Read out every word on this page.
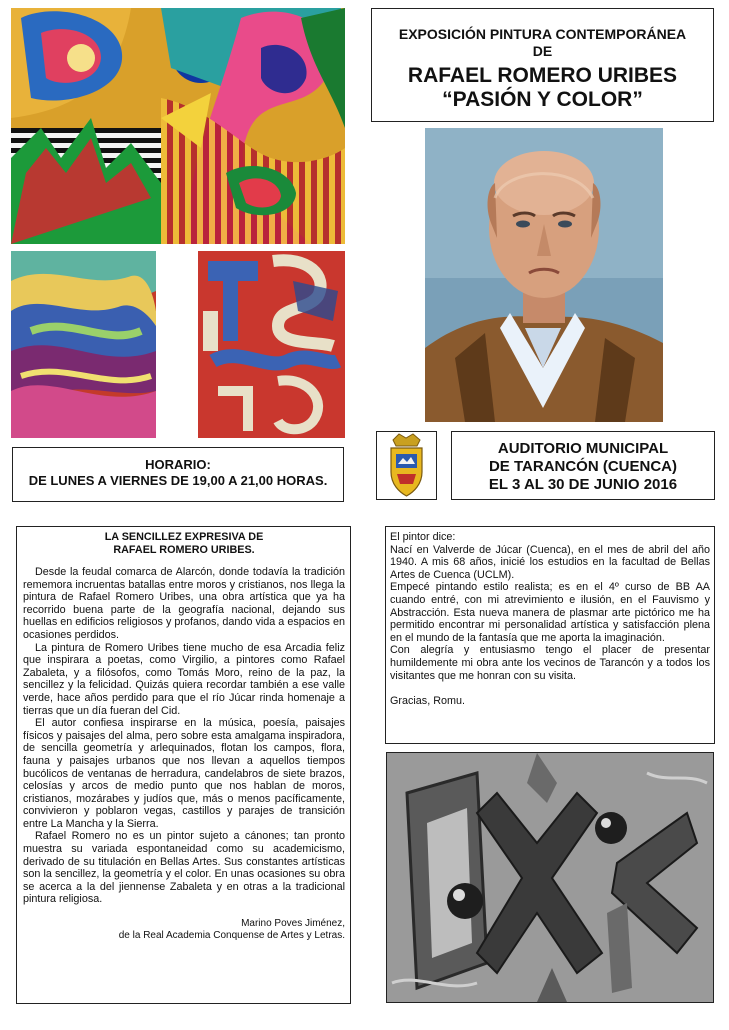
EXPOSICIÓN PINTURA CONTEMPORÁNEA
DE
RAFAEL ROMERO URIBES
“PASIÓN Y COLOR”
AUDITORIO MUNICIPAL
DE TARANCÓN (CUENCA)
EL 3 AL 30 DE JUNIO 2016
HORARIO:
DE LUNES A VIERNES DE 19,00 A 21,00 HORAS.
LA SENCILLEZ EXPRESIVA DE
RAFAEL ROMERO URIBES.

Desde la feudal comarca de Alarcón, donde todavía la tradición rememora incruentas batallas entre moros y cristianos, nos llega la pintura de Rafael Romero Uribes, una obra artística que ya ha recorrido buena parte de la geografía nacional, dejando sus huellas en edificios religiosos y profanos, dando vida a espacios en ocasiones perdidos.

La pintura de Romero Uribes tiene mucho de esa Arcadia feliz que inspirara a poetas, como Virgilio, a pintores como Rafael Zabaleta, y a filósofos, como Tomás Moro, reino de la paz, la sencillez y la felicidad. Quizás quiera recordar también a ese valle verde, hace años perdido para que el río Júcar rinda homenaje a tierras que un día fueran del Cid.

El autor confiesa inspirarse en la música, poesía, paisajes físicos y paisajes del alma, pero sobre esta amalgama inspiradora, de sencilla geometría y arlequinados, flotan los campos, flora, fauna y paisajes urbanos que nos llevan a aquellos tiempos bucólicos de ventanas de herradura, candelabros de siete brazos, celosías y arcos de medio punto que nos hablan de moros, cristianos, mozárabes y judíos que, más o menos pacíficamente, convivieron y poblaron vegas, castillos y parajes de transición entre La Mancha y la Sierra.

Rafael Romero no es un pintor sujeto a cánones; tan pronto muestra su variada espontaneidad como su academicismo, derivado de su titulación en Bellas Artes. Sus constantes artísticas son la sencillez, la geometría y el color. En unas ocasiones su obra se acerca a la del jiennense Zabaleta y en otras a la tradicional pintura religiosa.

Marino Poves Jiménez,
de la Real Academia Conquense de Artes y Letras.

El pintor dice:

Nací en Valverde de Júcar (Cuenca), en el mes de abril del año 1940. A mis 68 años, inicié los estudios en la facultad de Bellas Artes de Cuenca (UCLM).

Empecé pintando estilo realista; es en el 4º curso de BB AA cuando entré, con mi atrevimiento e ilusión, en el Fauvismo y Abstracción. Esta nueva manera de plasmar arte pictórico me ha permitido encontrar mi personalidad artística y satisfacción plena en el mundo de la fantasía que me aporta la imaginación.

Con alegría y entusiasmo tengo el placer de presentar humildemente mi obra ante los vecinos de Tarancón y a todos los visitantes que me honran con su visita.

Gracias, Romu.
